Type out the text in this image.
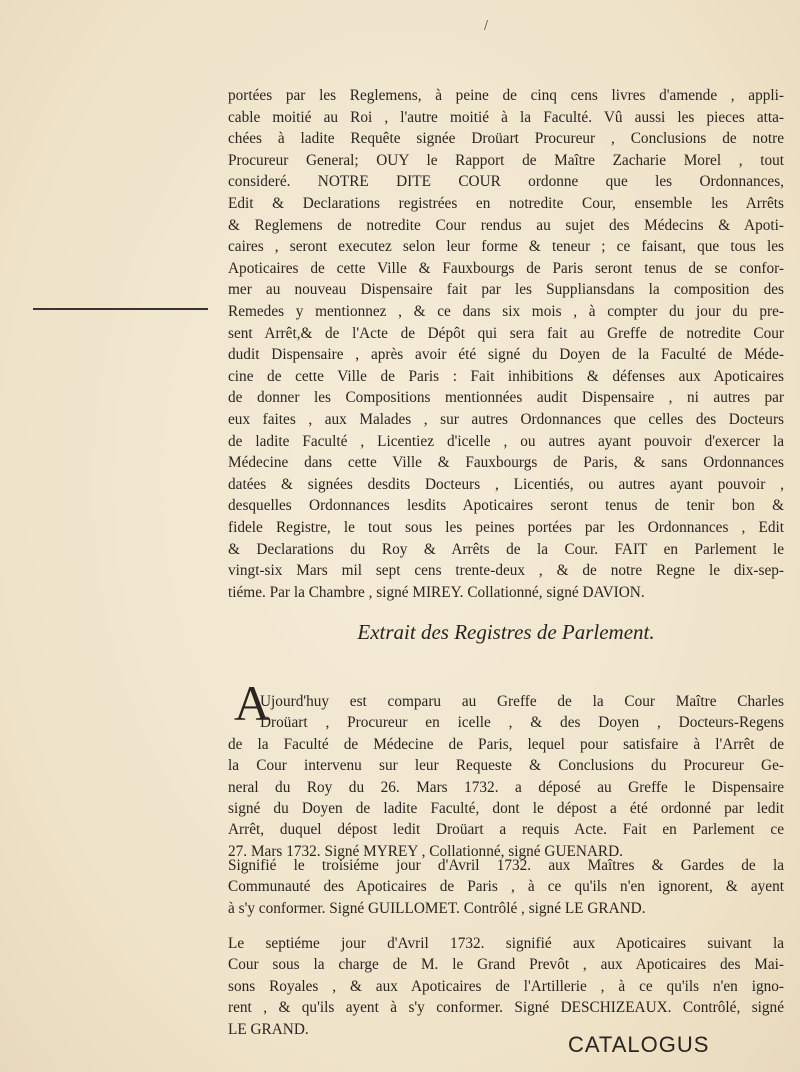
/
portées par les Reglemens, à peine de cinq cens livres d'amende , appli-
cable moitié au Roi , l'autre moitié à la Faculté. Vû aussi les pieces atta-
chées à ladite Requête signée Droüart Procureur , Conclusions de notre
Procureur General; OUY le Rapport de Maître Zacharie Morel , tout
consideré. NOTRE DITE COUR ordonne que les Ordonnances,
Edit & Declarations registrées en notredite Cour, ensemble les Arrêts
& Reglemens de notredite Cour rendus au sujet des Médecins & Apoti-
caires , seront executez selon leur forme & teneur ; ce faisant, que tous les
Apoticaires de cette Ville & Fauxbourgs de Paris seront tenus de se confor-
mer au nouveau Dispensaire fait par les Suppliansdans la composition des
Remedes y mentionnez , & ce dans six mois , à compter du jour du pre-
sent Arrêt,& de l'Acte de Dépôt qui sera fait au Greffe de notredite Cour
dudit Dispensaire , après avoir été signé du Doyen de la Faculté de Méde-
cine de cette Ville de Paris : Fait inhibitions & défenses aux Apoticaires
de donner les Compositions mentionnées audit Dispensaire , ni autres par
eux faites , aux Malades , sur autres Ordonnances que celles des Docteurs
de ladite Faculté , Licentiez d'icelle , ou autres ayant pouvoir d'exercer la
Médecine dans cette Ville & Fauxbourgs de Paris, & sans Ordonnances
datées & signées desdits Docteurs , Licentiés, ou autres ayant pouvoir ,
desquelles Ordonnances lesdits Apoticaires seront tenus de tenir bon &
fidele Registre, le tout sous les peines portées par les Ordonnances , Edit
& Declarations du Roy & Arrêts de la Cour. FAIT en Parlement le
vingt-six Mars mil sept cens trente-deux , & de notre Regne le dix-sep-
tiéme. Par la Chambre , signé MIREY. Collationné, signé DAVION.
Extrait des Registres de Parlement.
A
Ujourd'huy est comparu au Greffe de la Cour Maître Charles
Droüart , Procureur en icelle , & des Doyen , Docteurs-Regens
de la Faculté de Médecine de Paris, lequel pour satisfaire à l'Arrêt de
la Cour intervenu sur leur Requeste & Conclusions du Procureur Ge-
neral du Roy du 26. Mars 1732. a déposé au Greffe le Dispensaire
signé du Doyen de ladite Faculté, dont le dépost a été ordonné par ledit
Arrêt, duquel dépost ledit Droüart a requis Acte. Fait en Parlement ce
27. Mars 1732. Signé MYREY , Collationné, signé GUENARD.
Signifié le troisiéme jour d'Avril 1732. aux Maîtres & Gardes de la
Communauté des Apoticaires de Paris , à ce qu'ils n'en ignorent, & ayent
à s'y conformer. Signé GUILLOMET. Contrôlé , signé LE GRAND.
Le septiéme jour d'Avril 1732. signifié aux Apoticaires suivant la
Cour sous la charge de M. le Grand Prevôt , aux Apoticaires des Mai-
sons Royales , & aux Apoticaires de l'Artillerie , à ce qu'ils n'en igno-
rent , & qu'ils ayent à s'y conformer. Signé DESCHIZEAUX. Contrôlé, signé
LE GRAND.
CATALOGUS
